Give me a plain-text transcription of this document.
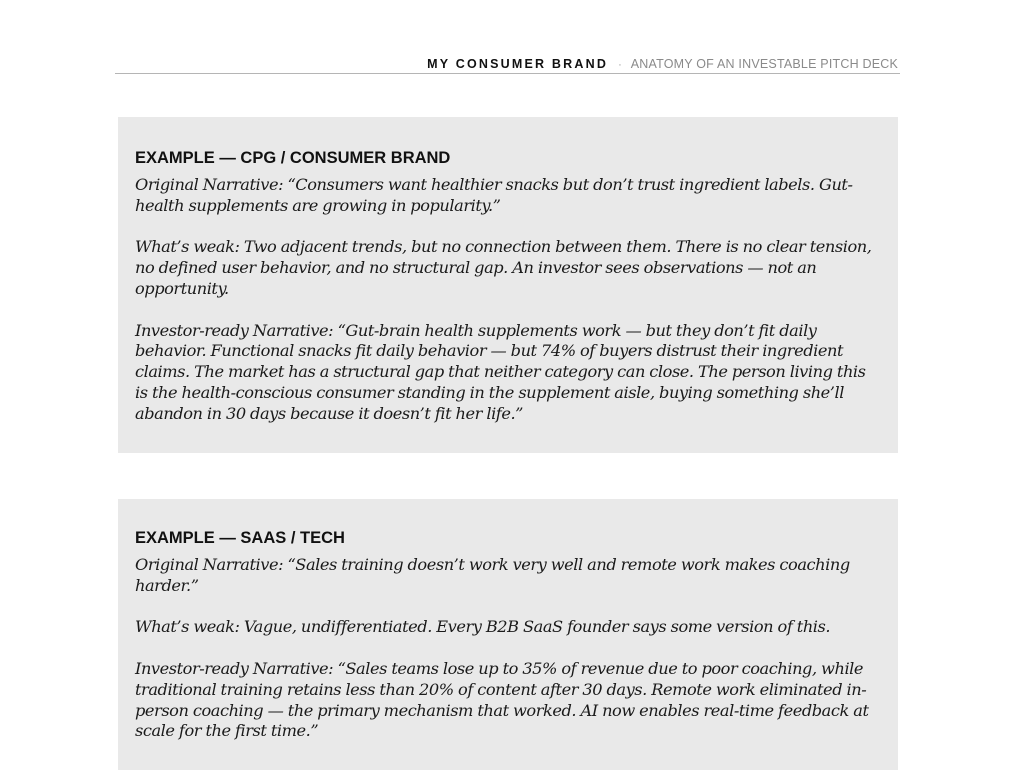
MY CONSUMER BRAND · ANATOMY OF AN INVESTABLE PITCH DECK
EXAMPLE — CPG / CONSUMER BRAND

Original Narrative: “Consumers want healthier snacks but don’t trust ingredient labels. Gut-health supplements are growing in popularity.”

What’s weak: Two adjacent trends, but no connection between them. There is no clear tension, no defined user behavior, and no structural gap. An investor sees observations — not an opportunity.

Investor-ready Narrative: “Gut-brain health supplements work — but they don’t fit daily behavior. Functional snacks fit daily behavior — but 74% of buyers distrust their ingredient claims. The market has a structural gap that neither category can close. The person living this is the health-conscious consumer standing in the supplement aisle, buying something she’ll abandon in 30 days because it doesn’t fit her life.”

EXAMPLE — SAAS / TECH

Original Narrative: “Sales training doesn’t work very well and remote work makes coaching harder.”

What’s weak: Vague, undifferentiated. Every B2B SaaS founder says some version of this.

Investor-ready Narrative: “Sales teams lose up to 35% of revenue due to poor coaching, while traditional training retains less than 20% of content after 30 days. Remote work eliminated in-person coaching — the primary mechanism that worked. AI now enables real-time feedback at scale for the first time.”
